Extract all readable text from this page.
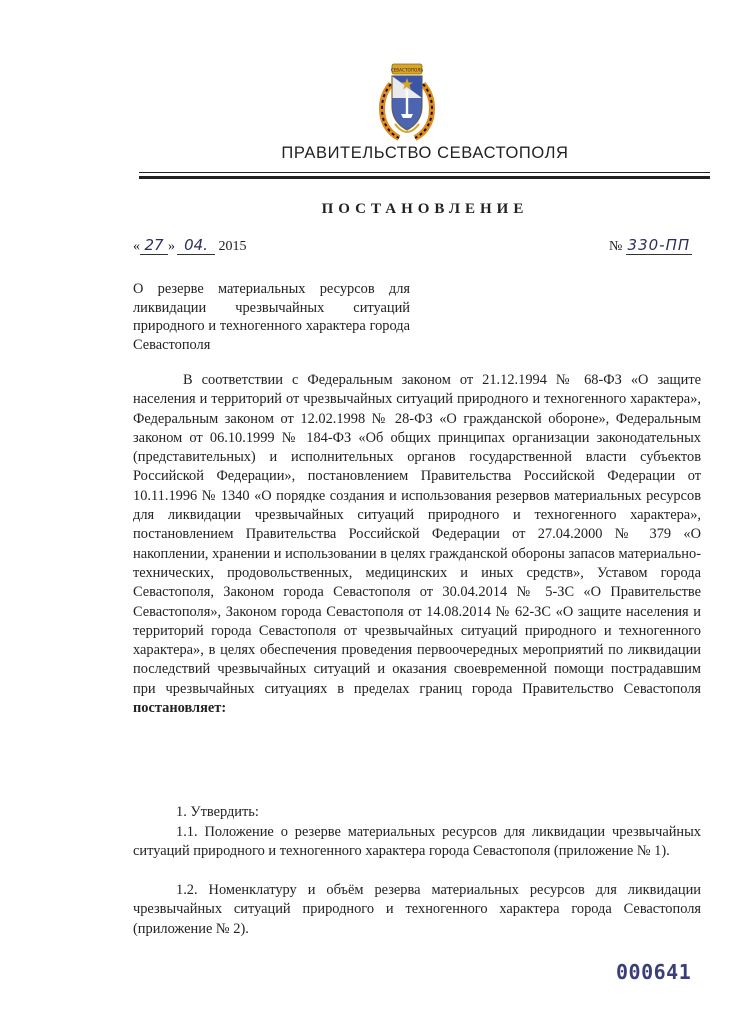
СЕВАСТОПОЛЬ
ПРАВИТЕЛЬСТВО СЕВАСТОПОЛЯ
ПОСТАНОВЛЕНИЕ
« 27 » 04. 2015	№ 330-ПП
О резерве материальных ресурсов для ликвидации чрезвычайных ситуаций природного и техногенного характера города Севастополя
В соответствии с Федеральным законом от 21.12.1994 № 68-ФЗ «О защите населения и территорий от чрезвычайных ситуаций природного и техногенного характера», Федеральным законом от 12.02.1998 № 28-ФЗ «О гражданской обороне», Федеральным законом от 06.10.1999 № 184-ФЗ «Об общих принципах организации законодательных (представительных) и исполнительных органов государственной власти субъектов Российской Федерации», постановлением Правительства Российской Федерации от 10.11.1996 № 1340 «О порядке создания и использования резервов материальных ресурсов для ликвидации чрезвычайных ситуаций природного и техногенного характера», постановлением Правительства Российской Федерации от 27.04.2000 № 379 «О накоплении, хранении и использовании в целях гражданской обороны запасов материально-технических, продовольственных, медицинских и иных средств», Уставом города Севастополя, Законом города Севастополя от 30.04.2014 № 5-ЗС «О Правительстве Севастополя», Законом города Севастополя от 14.08.2014 № 62-ЗС «О защите населения и территорий города Севастополя от чрезвычайных ситуаций природного и техногенного характера», в целях обеспечения проведения первоочередных мероприятий по ликвидации последствий чрезвычайных ситуаций и оказания своевременной помощи пострадавшим при чрезвычайных ситуациях в пределах границ города Правительство Севастополя постановляет:
1. Утвердить:
1.1. Положение о резерве материальных ресурсов для ликвидации чрезвычайных ситуаций природного и техногенного характера города Севастополя (приложение № 1).
1.2. Номенклатуру и объём резерва материальных ресурсов для ликвидации чрезвычайных ситуаций природного и техногенного характера города Севастополя (приложение № 2).
000641
